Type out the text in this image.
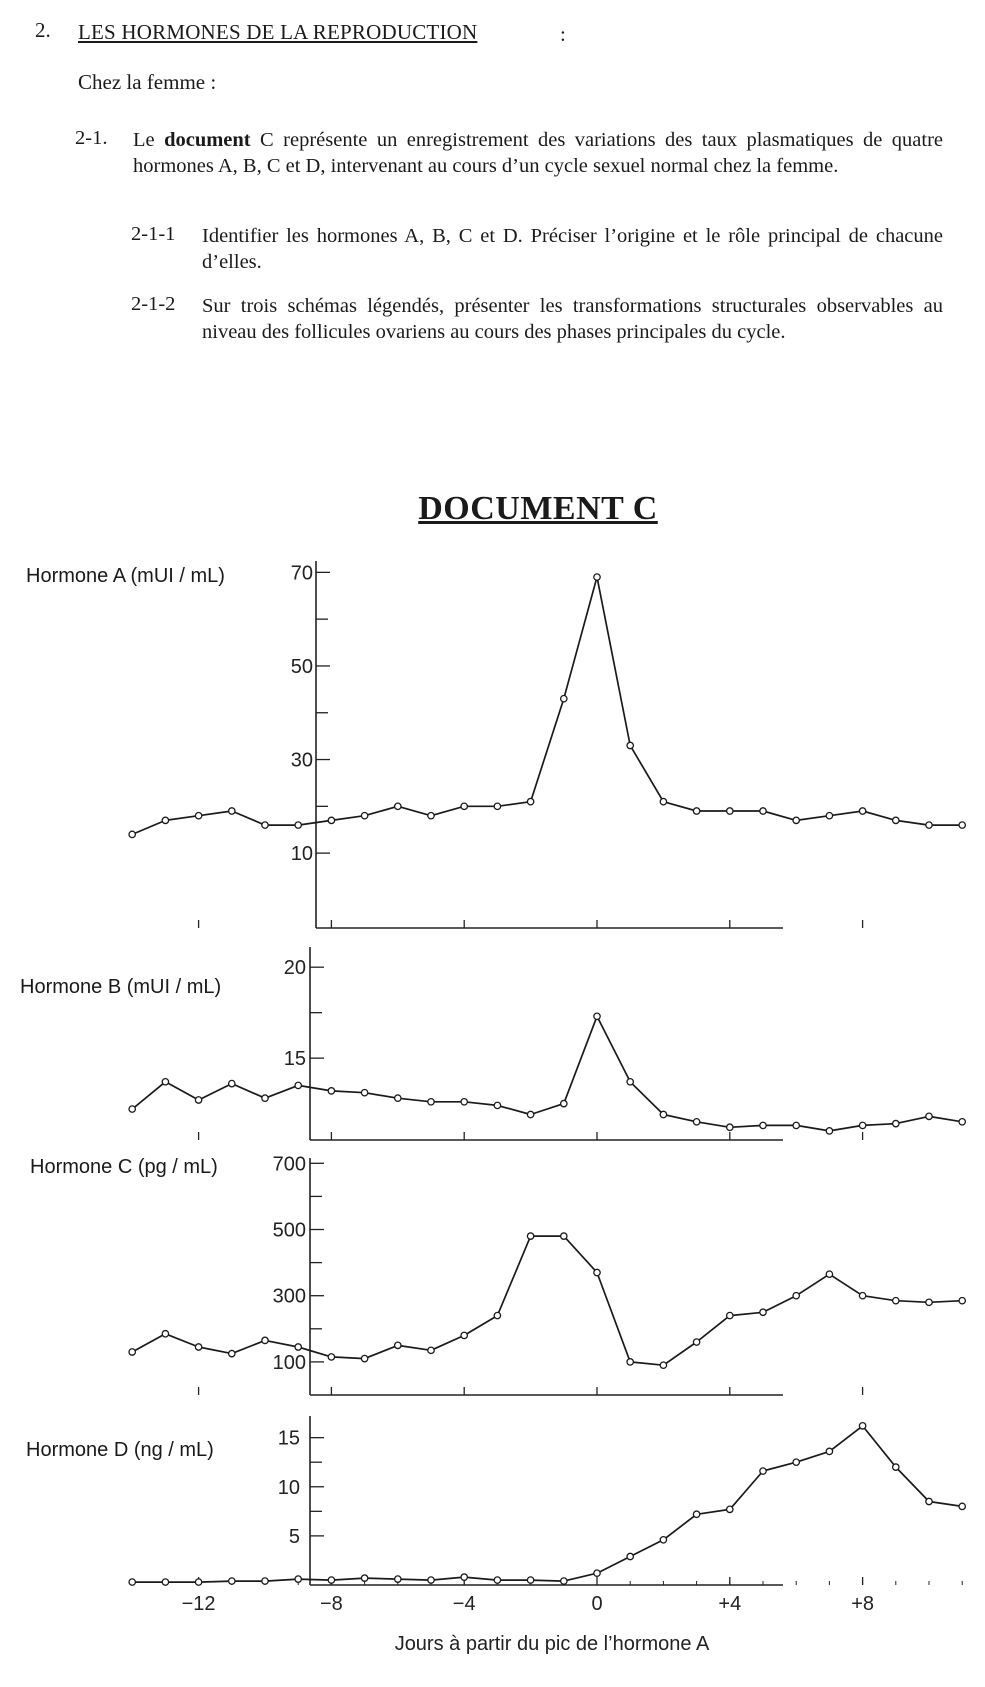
2. LES HORMONES DE LA REPRODUCTION	:
Chez la femme :
2-1. Le document C représente un enregistrement des variations des taux plasmatiques de quatre hormones A, B, C et D, intervenant au cours d’un cycle sexuel normal chez la femme.
2-1-1 Identifier les hormones A, B, C et D. Préciser l’origine et le rôle principal de chacune d’elles.
2-1-2 Sur trois schémas légendés, présenter les transformations structurales observables au niveau des follicules ovariens au cours des phases principales du cycle.
DOCUMENT C
Hormone A (mUI / mL)
Hormone B (mUI / mL)
Hormone C (pg / mL)
Hormone D (ng / mL)
10
30
50
70
15
20
100
300
500
700
5
10
15
−12	−8	−4	0	+4	+8
Jours à partir du pic de l’hormone A
